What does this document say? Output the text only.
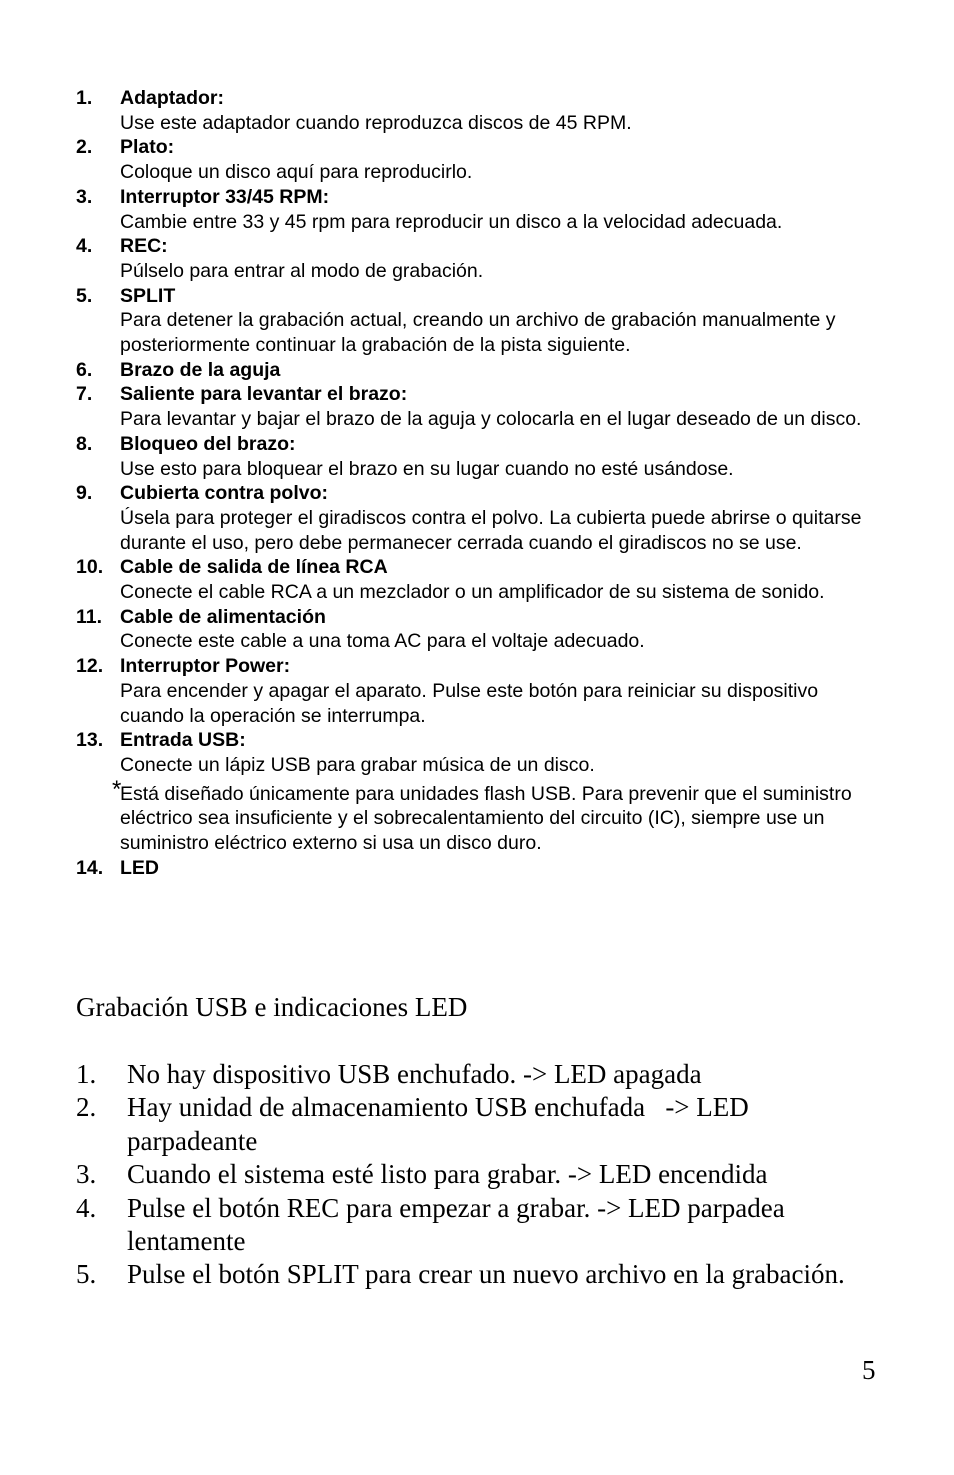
1. Adaptador:
Use este adaptador cuando reproduzca discos de 45 RPM.
2. Plato:
Coloque un disco aquí para reproducirlo.
3. Interruptor 33/45 RPM:
Cambie entre 33 y 45 rpm para reproducir un disco a la velocidad adecuada.
4. REC:
Púlselo para entrar al modo de grabación.
5. SPLIT
Para detener la grabación actual, creando un archivo de grabación manualmente y posteriormente continuar la grabación de la pista siguiente.
6. Brazo de la aguja
7. Saliente para levantar el brazo:
Para levantar y bajar el brazo de la aguja y colocarla en el lugar deseado de un disco.
8. Bloqueo del brazo:
Use esto para bloquear el brazo en su lugar cuando no esté usándose.
9. Cubierta contra polvo:
Úsela para proteger el giradiscos contra el polvo. La cubierta puede abrirse o quitarse durante el uso, pero debe permanecer cerrada cuando el giradiscos no se use.
10. Cable de salida de línea RCA
Conecte el cable RCA a un mezclador o un amplificador de su sistema de sonido.
11. Cable de alimentación
Conecte este cable a una toma AC para el voltaje adecuado.
12. Interruptor Power:
Para encender y apagar el aparato. Pulse este botón para reiniciar su dispositivo cuando la operación se interrumpa.
13. Entrada USB:
Conecte un lápiz USB para grabar música de un disco.
*
Está diseñado únicamente para unidades flash USB. Para prevenir que el suministro eléctrico sea insuficiente y el sobrecalentamiento del circuito (IC), siempre use un suministro eléctrico externo si usa un disco duro.
14. LED
Grabación USB e indicaciones LED
1. No hay dispositivo USB enchufado. -> LED apagada
2. Hay unidad de almacenamiento USB enchufada   -> LED parpadeante
3. Cuando el sistema esté listo para grabar. -> LED encendida
4. Pulse el botón REC para empezar a grabar. -> LED parpadea lentamente
5. Pulse el botón SPLIT para crear un nuevo archivo en la grabación.
5
